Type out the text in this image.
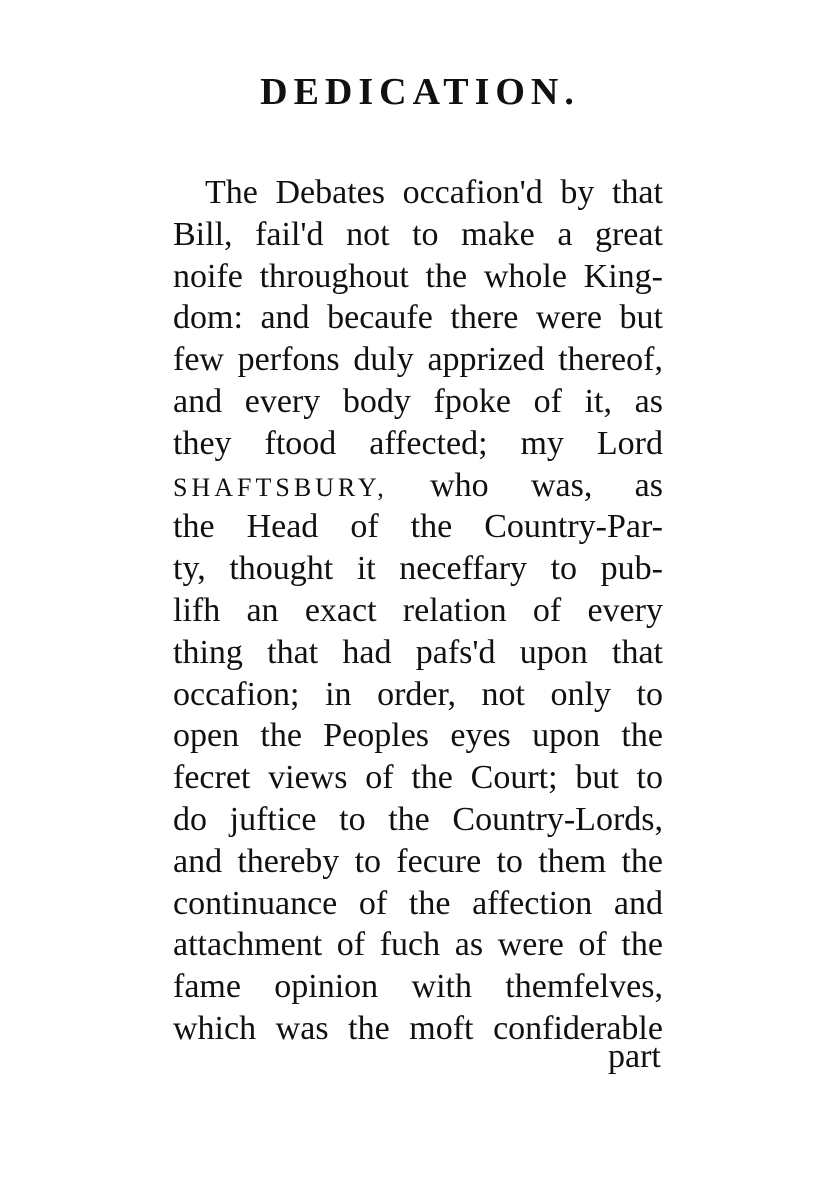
DEDICATION.
The Debates occafion'd by that
Bill, fail'd not to make a great
noife throughout the whole King-
dom: and becaufe there were but
few perfons duly apprized thereof,
and every body fpoke of it, as
they ftood affected; my Lord
SHAFTSBURY, who was, as
the Head of the Country-Par-
ty, thought it neceffary to pub-
lifh an exact relation of every
thing that had pafs'd upon that
occafion; in order, not only to
open the Peoples eyes upon the
fecret views of the Court; but to
do juftice to the Country-Lords,
and thereby to fecure to them the
continuance of the affection and
attachment of fuch as were of the
fame opinion with themfelves,
which was the moft confiderable
part
